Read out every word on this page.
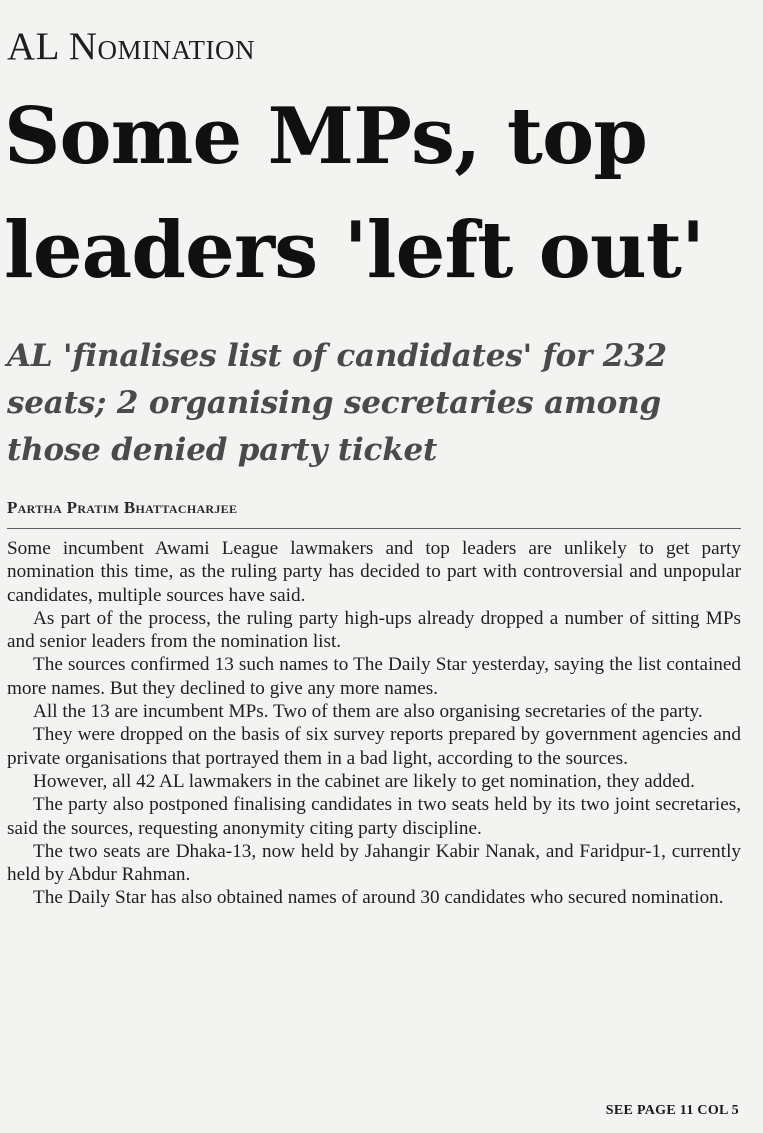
AL Nomination
Some MPs, top leaders 'left out'
AL 'finalises list of candidates' for 232 seats; 2 organising secretaries among those denied party ticket
Partha Pratim Bhattacharjee

Some incumbent Awami League lawmakers and top leaders are unlikely to get party nomination this time, as the ruling party has decided to part with controversial and unpopular candidates, multiple sources have said.

As part of the process, the ruling party high-ups already dropped a number of sitting MPs and senior leaders from the nomination list.

The sources confirmed 13 such names to The Daily Star yesterday, saying the list contained more names. But they declined to give any more names.

All the 13 are incumbent MPs. Two of them are also organising secretaries of the party.

They were dropped on the basis of six survey reports prepared by government agencies and private organisations that portrayed them in a bad light, according to the sources.

However, all 42 AL lawmakers in the cabinet are likely to get nomination, they added.

The party also postponed finalising candidates in two seats held by its two joint secretaries, said the sources, requesting anonymity citing party discipline.

The two seats are Dhaka-13, now held by Jahangir Kabir Nanak, and Faridpur-1, currently held by Abdur Rahman.

The Daily Star has also obtained names of around 30 candidates who secured nomination.

SEE PAGE 11 COL 5
